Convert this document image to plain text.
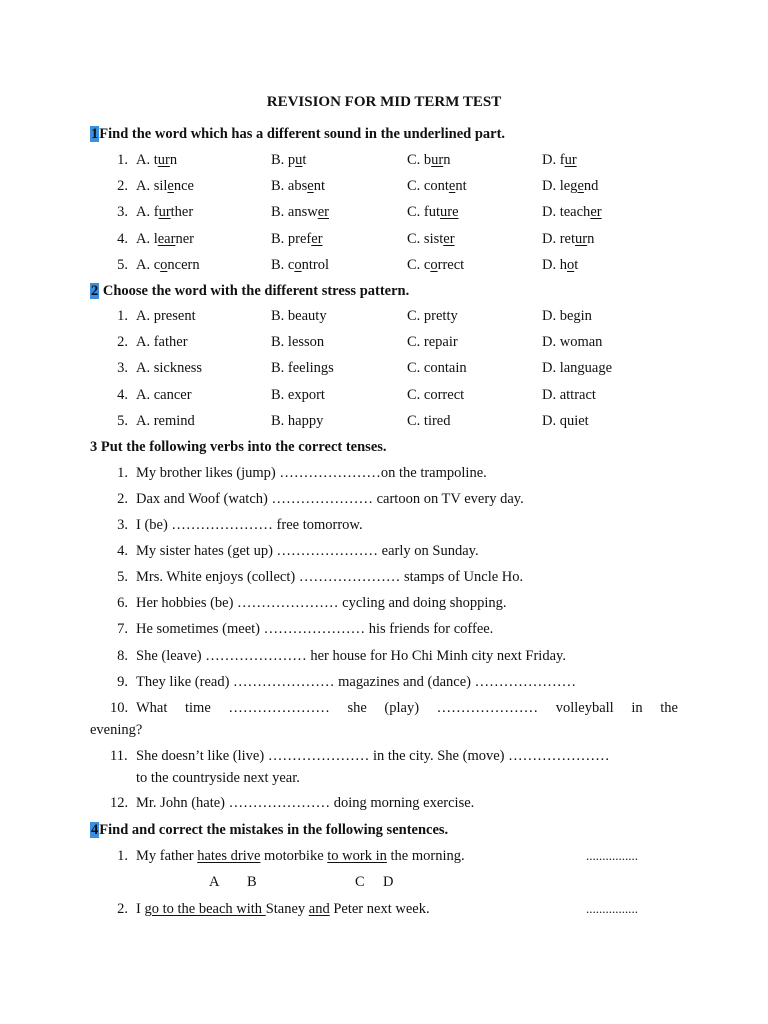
REVISION FOR MID TERM TEST
1Find the word which has a different sound in the underlined part.
1. A. turn	B. put	C. burn	D. fur
2. A. silence	B. absent	C. content	D. legend
3. A. further	B. answer	C. future	D. teacher
4. A. learner	B. prefer	C. sister	D. return
5. A. concern	B. control	C. correct	D. hot
2 Choose the word with the different stress pattern.
1. A. present	B. beauty	C. pretty	D. begin
2. A. father	B. lesson	C. repair	D. woman
3. A. sickness	B. feelings	C. contain	D. language
4. A. cancer	B. export	C. correct	D. attract
5. A. remind	B. happy	C. tired	D. quiet
3 Put the following verbs into the correct tenses.
1. My brother likes (jump) …………………on the trampoline.
2. Dax and Woof (watch) ………………… cartoon on TV every day.
3. I (be) ………………… free tomorrow.
4. My sister hates (get up) ………………… early on Sunday.
5. Mrs. White enjoys (collect) ………………… stamps of Uncle Ho.
6. Her hobbies (be) ………………… cycling and doing shopping.
7. He sometimes (meet) ………………… his friends for coffee.
8. She (leave) ………………… her house for Ho Chi Minh city next Friday.
9. They like (read) ………………… magazines and (dance) …………………
10. What time ………………… she (play) ………………… volleyball in the
evening?
11. She doesn’t like (live) ………………… in the city. She (move) …………………
to the countryside next year.
12. Mr. John (hate) ………………… doing morning exercise.
4Find and correct the mistakes in the following sentences.
1. My father hates drive motorbike to work in the morning.	................
A B	C D
2. I go to the beach with Staney and Peter next week.	................
